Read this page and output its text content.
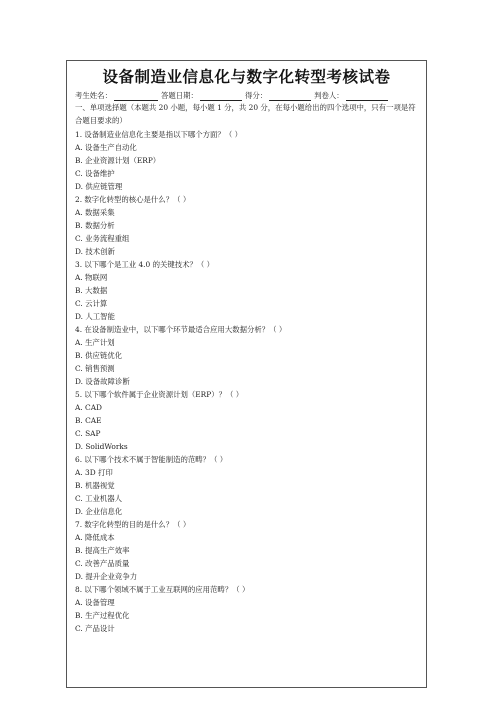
设备制造业信息化与数字化转型考核试卷
考生姓名：	答题日期：	得分：	判卷人：
一、单项选择题（本题共 20 小题，每小题 1 分，共 20 分，在每小题给出的四个选项中，只有一项是符合题目要求的）
1. 设备制造业信息化主要是指以下哪个方面？（ ）
A. 设备生产自动化
B. 企业资源计划（ERP）
C. 设备维护
D. 供应链管理
2. 数字化转型的核心是什么？（ ）
A. 数据采集
B. 数据分析
C. 业务流程重组
D. 技术创新
3. 以下哪个是工业 4.0 的关键技术？（ ）
A. 物联网
B. 大数据
C. 云计算
D. 人工智能
4. 在设备制造业中，以下哪个环节最适合应用大数据分析？（ ）
A. 生产计划
B. 供应链优化
C. 销售预测
D. 设备故障诊断
5. 以下哪个软件属于企业资源计划（ERP）？（ ）
A. CAD
B. CAE
C. SAP
D. SolidWorks
6. 以下哪个技术不属于智能制造的范畴？（ ）
A. 3D 打印
B. 机器视觉
C. 工业机器人
D. 企业信息化
7. 数字化转型的目的是什么？（ ）
A. 降低成本
B. 提高生产效率
C. 改善产品质量
D. 提升企业竞争力
8. 以下哪个领域不属于工业互联网的应用范畴？（ ）
A. 设备管理
B. 生产过程优化
C. 产品设计
